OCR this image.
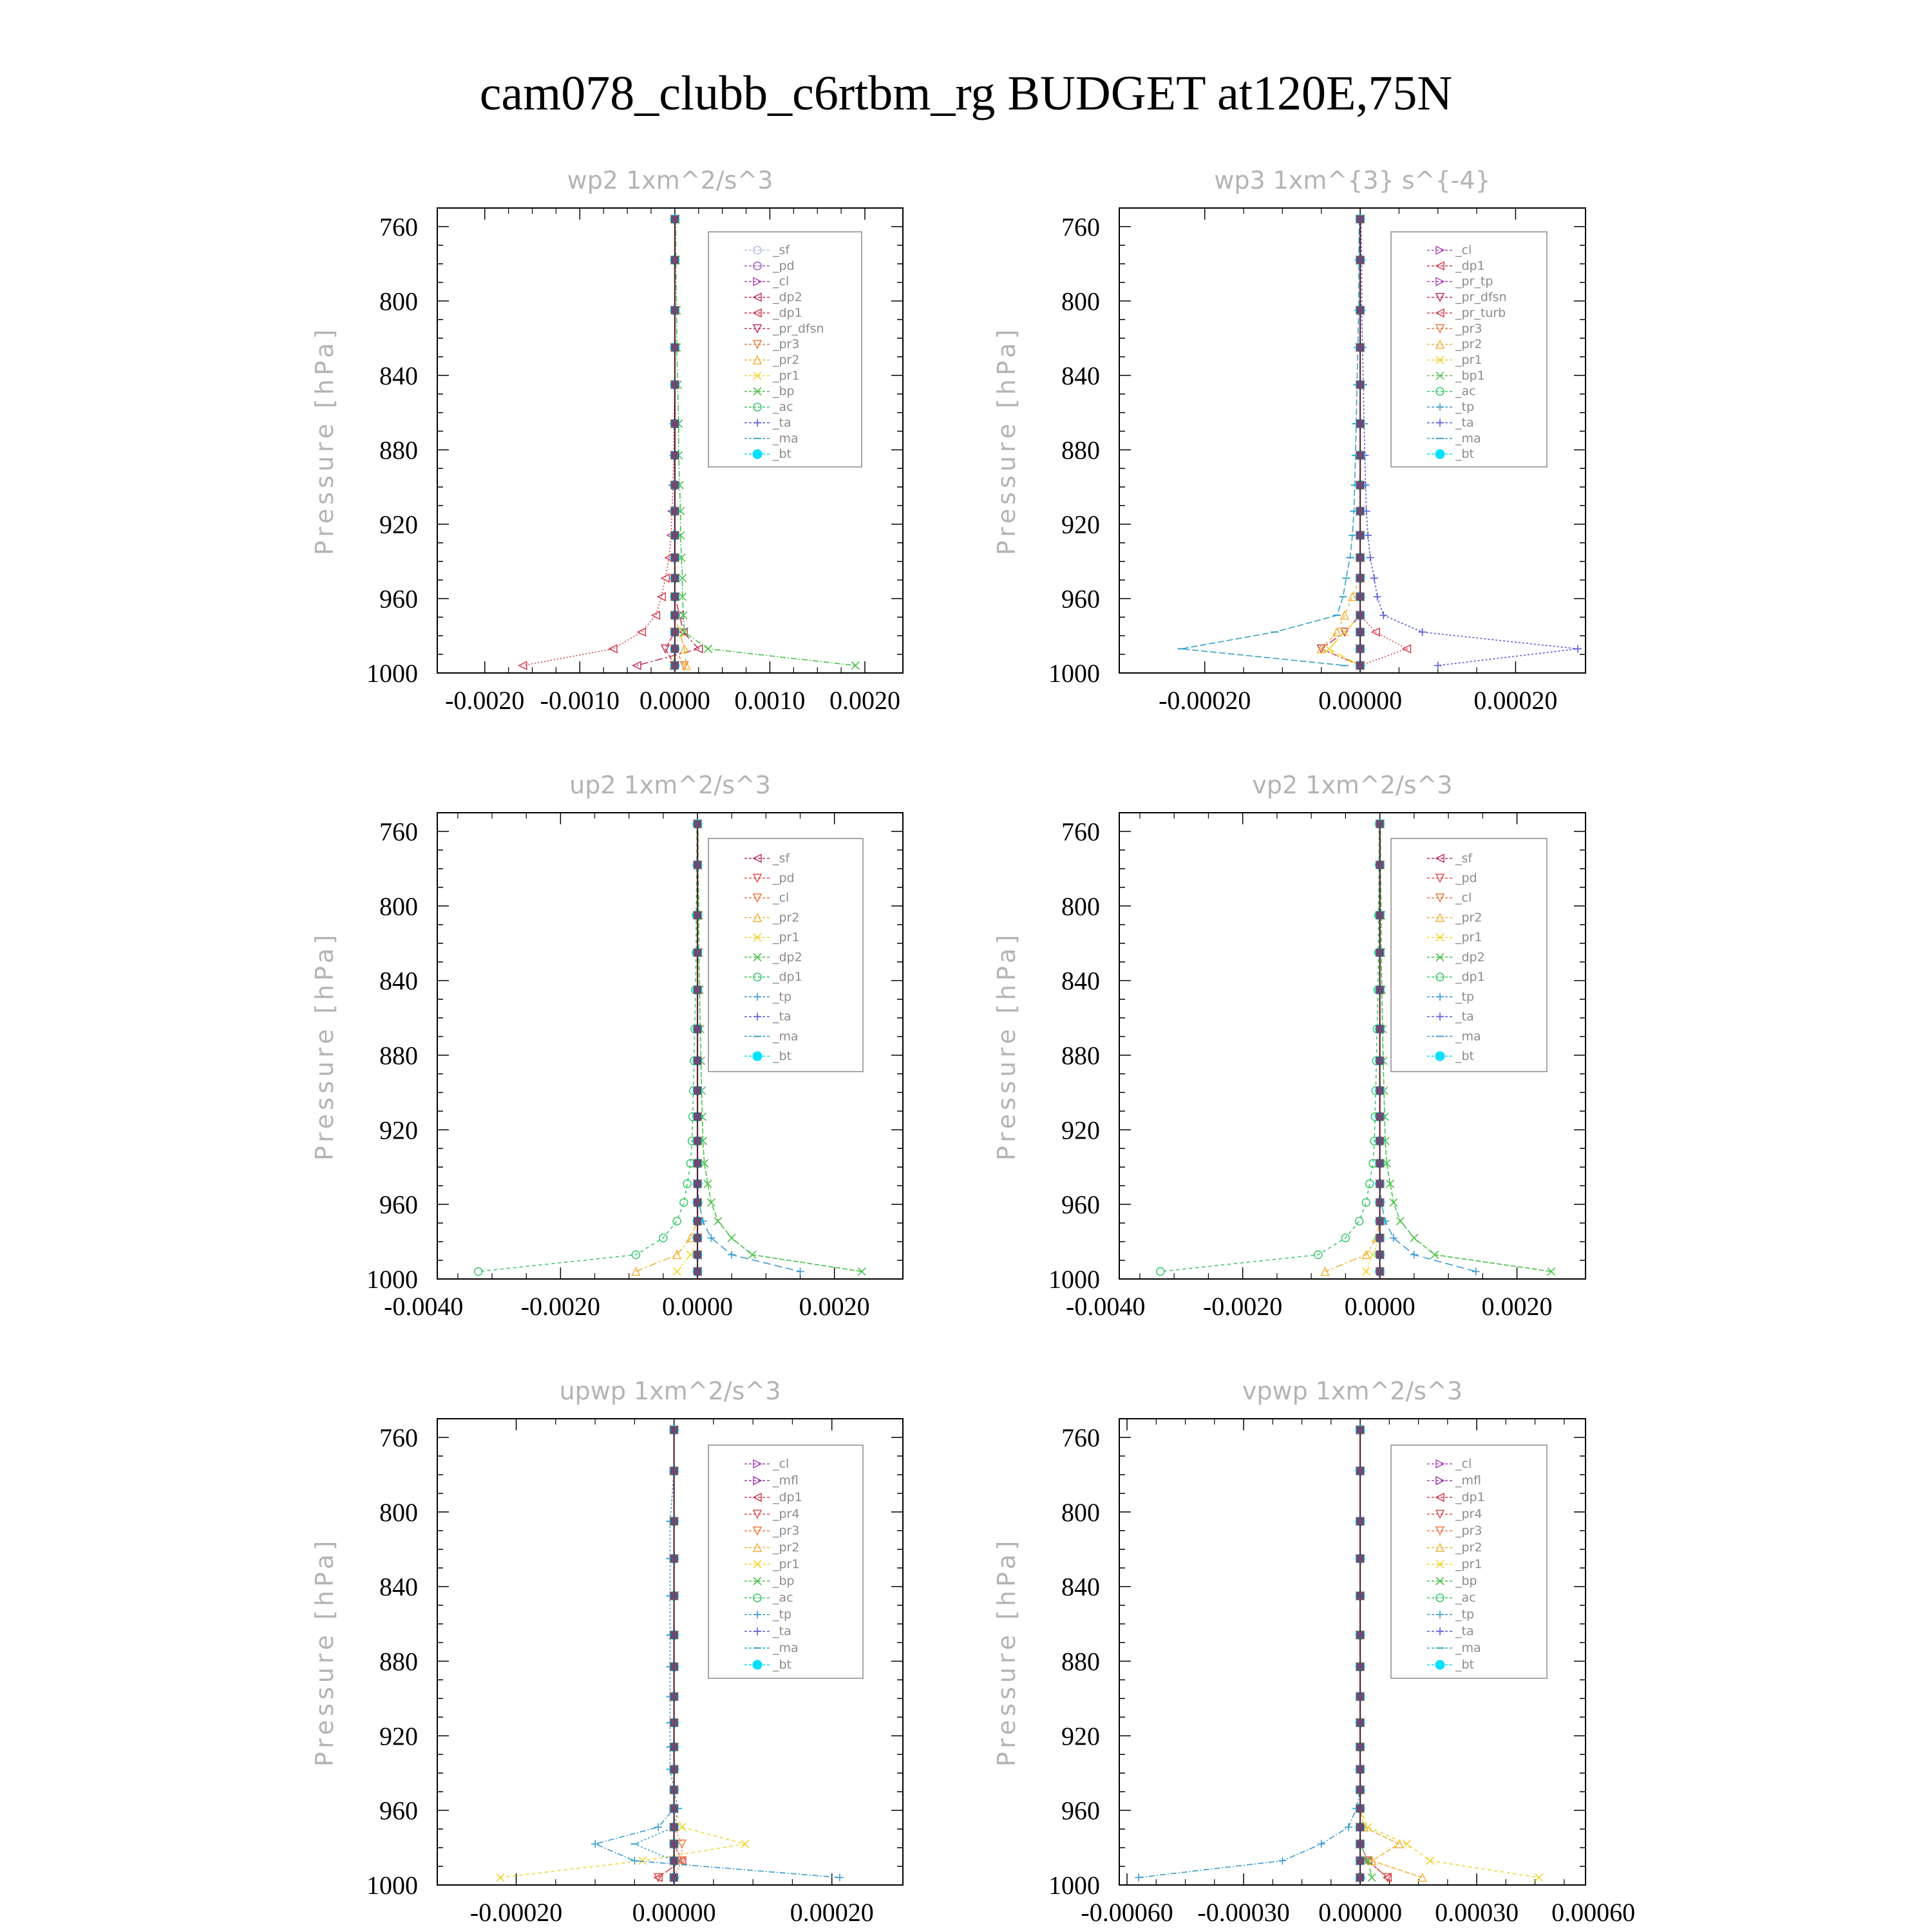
cam078_clubb_c6rtbm_rg BUDGET at120E,75N
wp2 1xm^2/s^3
Pressure [hPa]
760
800
840
880
920
960
1000
-0.0020 -0.0010 0.0000 0.0010 0.0020
_sf
_pd
_cl
_dp2
_dp1
_pr_dfsn
_pr3
_pr2
_pr1
_bp
_ac
_ta
_ma
_bt
wp3 1xm^{3} s^{-4}
Pressure [hPa]
760
800
840
880
920
960
1000
-0.00020	0.00000	0.00020
_cl
_dp1
_pr_tp
_pr_dfsn
_pr_turb
_pr3
_pr2
_pr1
_bp1
_ac
_tp
_ta
_ma
_bt
up2 1xm^2/s^3
Pressure [hPa]
760
800
840
880
920
960
1000
-0.0040 -0.0020 0.0000	0.0020
_sf
_pd
_cl
_pr2
_pr1
_dp2
_dp1
_tp
_ta
_ma
_bt
vp2 1xm^2/s^3
Pressure [hPa]
760
800
840
880
920
960
1000
-0.0040 -0.0020 0.0000	0.0020
_sf
_pd
_cl
_pr2
_pr1
_dp2
_dp1
_tp
_ta
_ma
_bt
upwp 1xm^2/s^3
Pressure [hPa]
760
800
840
880
920
960
1000
-0.00020	0.00000	0.00020
_cl
_mfl
_dp1
_pr4
_pr3
_pr2
_pr1
_bp
_ac
_tp
_ta
_ma
_bt
vpwp 1xm^2/s^3
Pressure [hPa]
760
800
840
880
920
960
1000
-0.00060 -0.00030 0.00000 0.00030 0.00060
_cl
_mfl
_dp1
_pr4
_pr3
_pr2
_pr1
_bp
_ac
_tp
_ta
_ma
_bt
